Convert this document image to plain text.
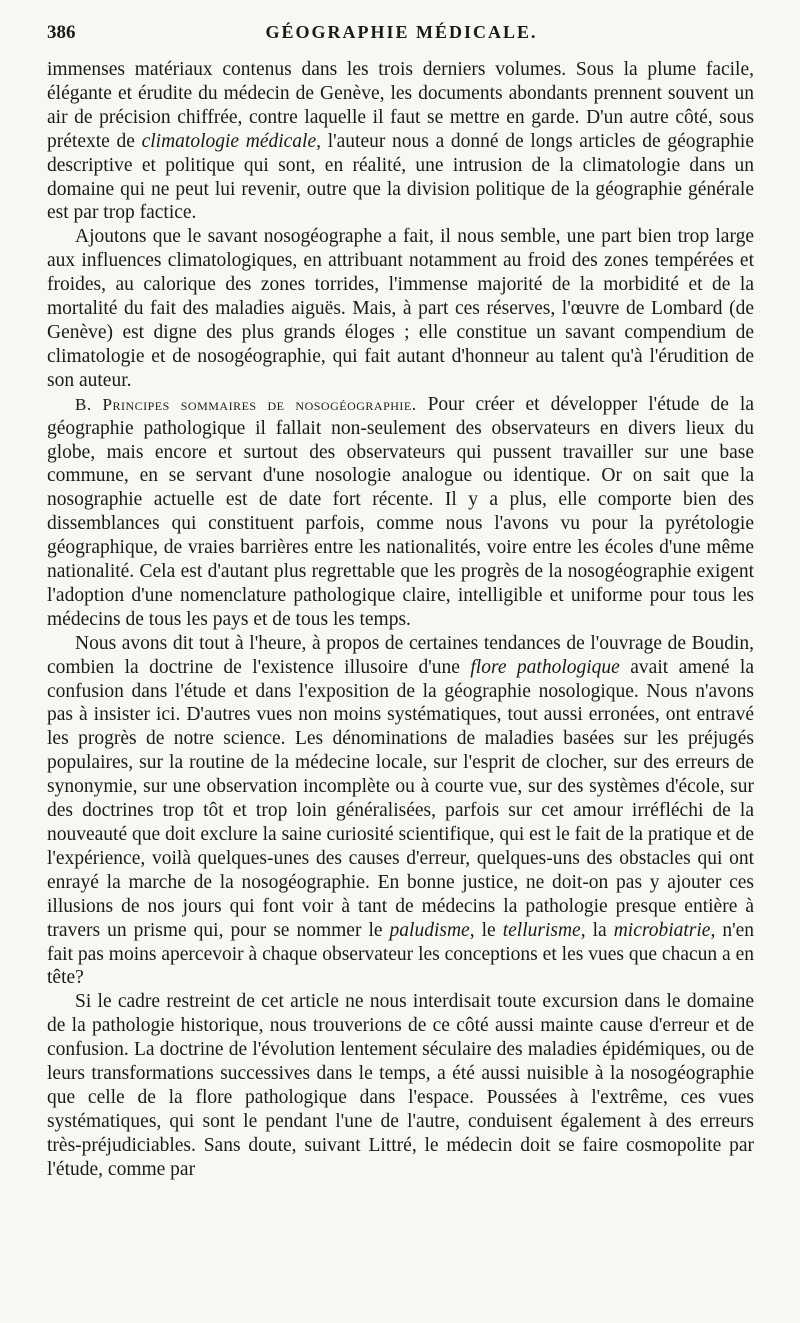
386	GÉOGRAPHIE MÉDICALE.

immenses matériaux contenus dans les trois derniers volumes. Sous la plume facile, élégante et érudite du médecin de Genève, les documents abondants prennent souvent un air de précision chiffrée, contre laquelle il faut se mettre en garde. D'un autre côté, sous prétexte de climatologie médicale, l'auteur nous a donné de longs articles de géographie descriptive et politique qui sont, en réalité, une intrusion de la climatologie dans un domaine qui ne peut lui revenir, outre que la division politique de la géographie générale est par trop factice.

Ajoutons que le savant nosogéographe a fait, il nous semble, une part bien trop large aux influences climatologiques, en attribuant notamment au froid des zones tempérées et froides, au calorique des zones torrides, l'immense majorité de la morbidité et de la mortalité du fait des maladies aiguës. Mais, à part ces réserves, l'œuvre de Lombard (de Genève) est digne des plus grands éloges ; elle constitue un savant compendium de climatologie et de nosogéographie, qui fait autant d'honneur au talent qu'à l'érudition de son auteur.

B. Principes sommaires de nosogéographie. Pour créer et développer l'étude de la géographie pathologique il fallait non-seulement des observateurs en divers lieux du globe, mais encore et surtout des observateurs qui pussent travailler sur une base commune, en se servant d'une nosologie analogue ou identique. Or on sait que la nosographie actuelle est de date fort récente. Il y a plus, elle comporte bien des dissemblances qui constituent parfois, comme nous l'avons vu pour la pyrétologie géographique, de vraies barrières entre les nationalités, voire entre les écoles d'une même nationalité. Cela est d'autant plus regrettable que les progrès de la nosogéographie exigent l'adoption d'une nomenclature pathologique claire, intelligible et uniforme pour tous les médecins de tous les pays et de tous les temps.

Nous avons dit tout à l'heure, à propos de certaines tendances de l'ouvrage de Boudin, combien la doctrine de l'existence illusoire d'une flore pathologique avait amené la confusion dans l'étude et dans l'exposition de la géographie nosologique. Nous n'avons pas à insister ici. D'autres vues non moins systématiques, tout aussi erronées, ont entravé les progrès de notre science. Les dénominations de maladies basées sur les préjugés populaires, sur la routine de la médecine locale, sur l'esprit de clocher, sur des erreurs de synonymie, sur une observation incomplète ou à courte vue, sur des systèmes d'école, sur des doctrines trop tôt et trop loin généralisées, parfois sur cet amour irréfléchi de la nouveauté que doit exclure la saine curiosité scientifique, qui est le fait de la pratique et de l'expérience, voilà quelques-unes des causes d'erreur, quelques-uns des obstacles qui ont enrayé la marche de la nosogéographie. En bonne justice, ne doit-on pas y ajouter ces illusions de nos jours qui font voir à tant de médecins la pathologie presque entière à travers un prisme qui, pour se nommer le paludisme, le tellurisme, la microbiatrie, n'en fait pas moins apercevoir à chaque observateur les conceptions et les vues que chacun a en tête?

Si le cadre restreint de cet article ne nous interdisait toute excursion dans le domaine de la pathologie historique, nous trouverions de ce côté aussi mainte cause d'erreur et de confusion. La doctrine de l'évolution lentement séculaire des maladies épidémiques, ou de leurs transformations successives dans le temps, a été aussi nuisible à la nosogéographie que celle de la flore pathologique dans l'espace. Poussées à l'extrême, ces vues systématiques, qui sont le pendant l'une de l'autre, conduisent également à des erreurs très-préjudiciables. Sans doute, suivant Littré, le médecin doit se faire cosmopolite par l'étude, comme par
